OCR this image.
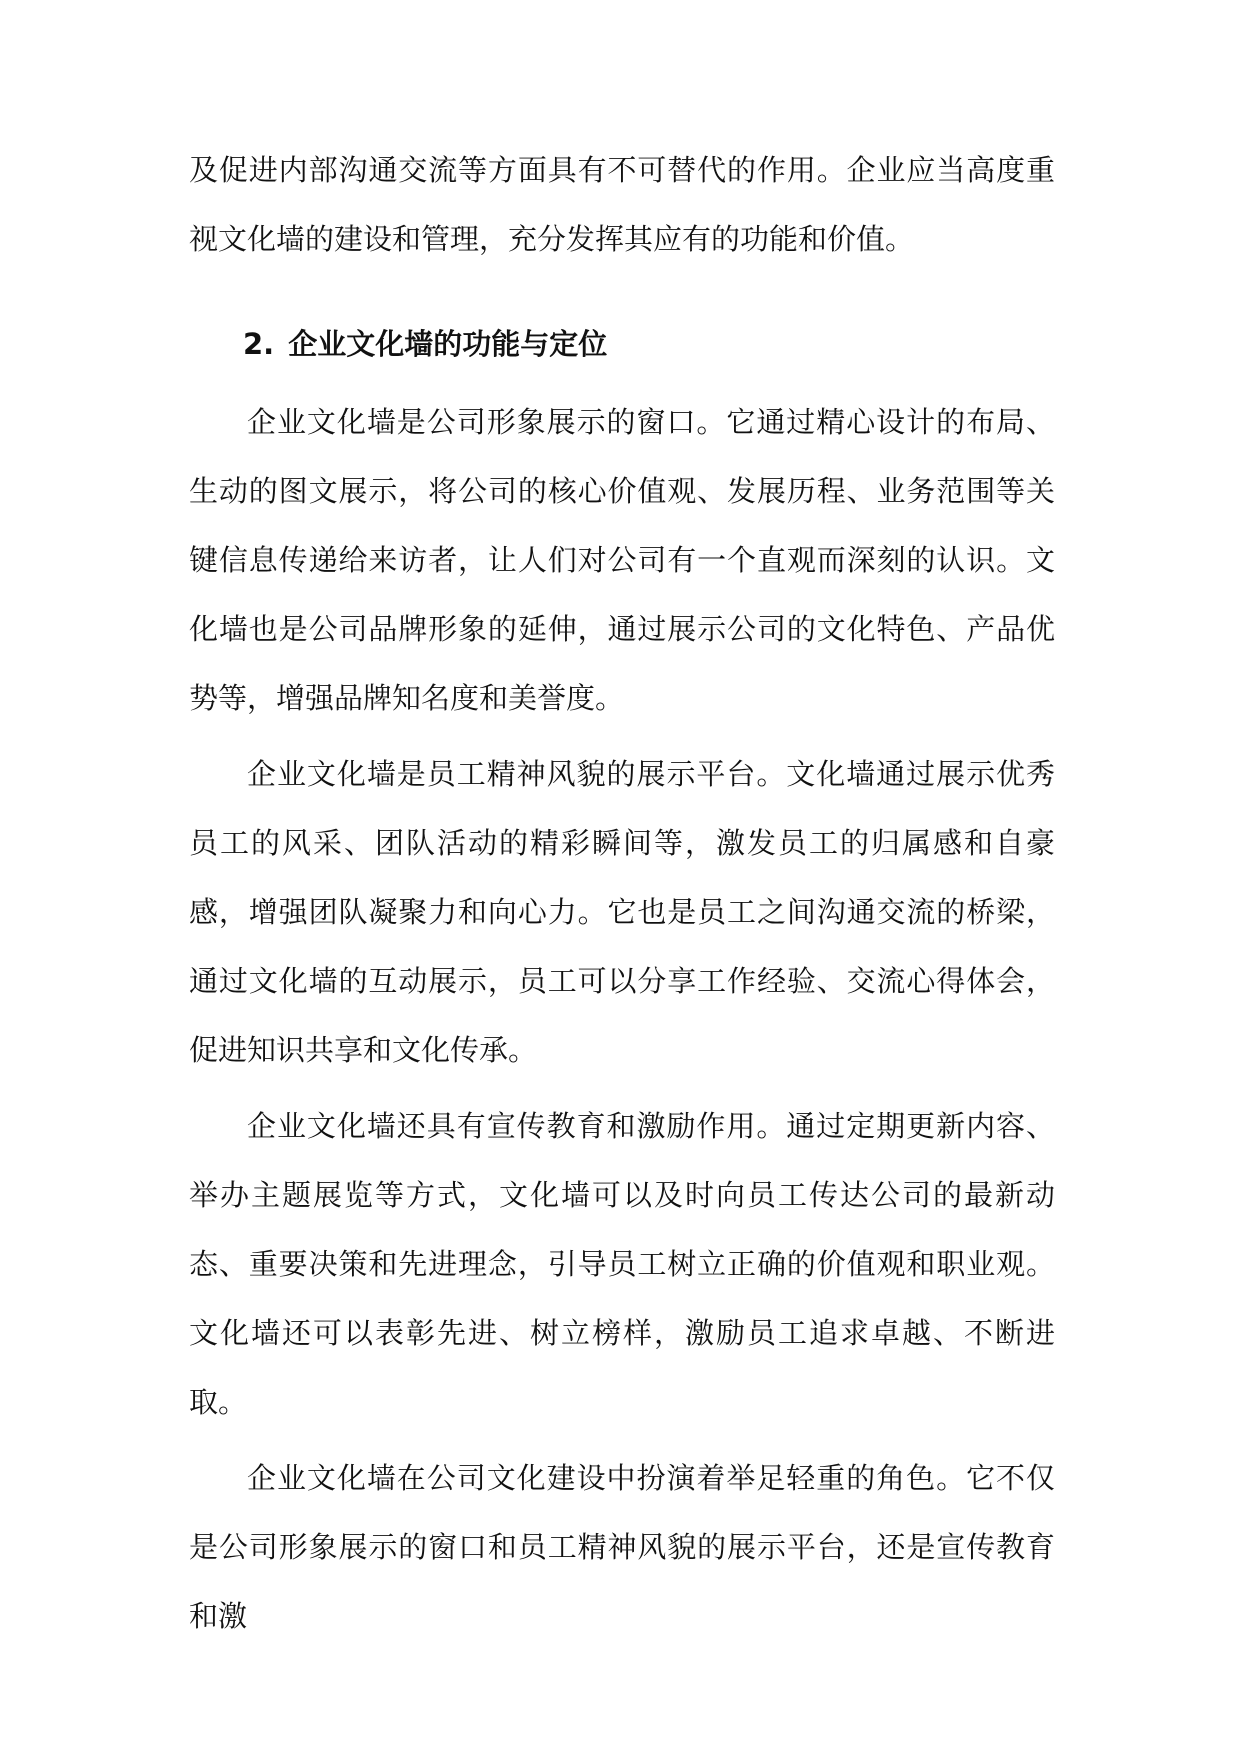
及促进内部沟通交流等方面具有不可替代的作用。企业应当高度重视文化墙的建设和管理，充分发挥其应有的功能和价值。

2. 企业文化墙的功能与定位

企业文化墙是公司形象展示的窗口。它通过精心设计的布局、生动的图文展示，将公司的核心价值观、发展历程、业务范围等关键信息传递给来访者，让人们对公司有一个直观而深刻的认识。文化墙也是公司品牌形象的延伸，通过展示公司的文化特色、产品优势等，增强品牌知名度和美誉度。

企业文化墙是员工精神风貌的展示平台。文化墙通过展示优秀员工的风采、团队活动的精彩瞬间等，激发员工的归属感和自豪感，增强团队凝聚力和向心力。它也是员工之间沟通交流的桥梁，通过文化墙的互动展示，员工可以分享工作经验、交流心得体会，促进知识共享和文化传承。

企业文化墙还具有宣传教育和激励作用。通过定期更新内容、举办主题展览等方式，文化墙可以及时向员工传达公司的最新动态、重要决策和先进理念，引导员工树立正确的价值观和职业观。文化墙还可以表彰先进、树立榜样，激励员工追求卓越、不断进取。

企业文化墙在公司文化建设中扮演着举足轻重的角色。它不仅是公司形象展示的窗口和员工精神风貌的展示平台，还是宣传教育和激
